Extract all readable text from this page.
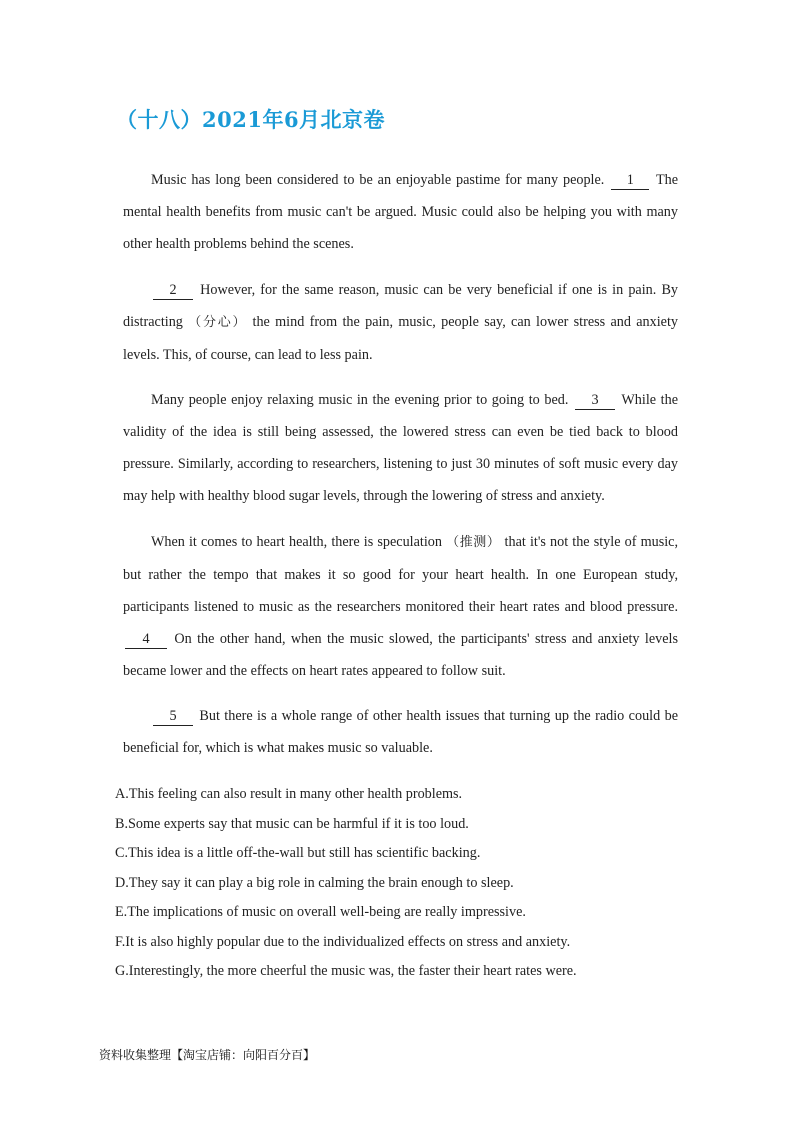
（十八）2021年6月北京卷
Music has long been considered to be an enjoyable pastime for many people. 1 The mental health benefits from music can't be argued. Music could also be helping you with many other health problems behind the scenes.
2 However, for the same reason, music can be very beneficial if one is in pain. By distracting （分心） the mind from the pain, music, people say, can lower stress and anxiety levels. This, of course, can lead to less pain.
Many people enjoy relaxing music in the evening prior to going to bed. 3 While the validity of the idea is still being assessed, the lowered stress can even be tied back to blood pressure. Similarly, according to researchers, listening to just 30 minutes of soft music every day may help with healthy blood sugar levels, through the lowering of stress and anxiety.
When it comes to heart health, there is speculation （推测） that it's not the style of music, but rather the tempo that makes it so good for your heart health. In one European study, participants listened to music as the researchers monitored their heart rates and blood pressure. 4 On the other hand, when the music slowed, the participants' stress and anxiety levels became lower and the effects on heart rates appeared to follow suit.
5 But there is a whole range of other health issues that turning up the radio could be beneficial for, which is what makes music so valuable.
A.This feeling can also result in many other health problems.
B.Some experts say that music can be harmful if it is too loud.
C.This idea is a little off-the-wall but still has scientific backing.
D.They say it can play a big role in calming the brain enough to sleep.
E.The implications of music on overall well-being are really impressive.
F.It is also highly popular due to the individualized effects on stress and anxiety.
G.Interestingly, the more cheerful the music was, the faster their heart rates were.
资料收集整理【淘宝店铺：向阳百分百】
